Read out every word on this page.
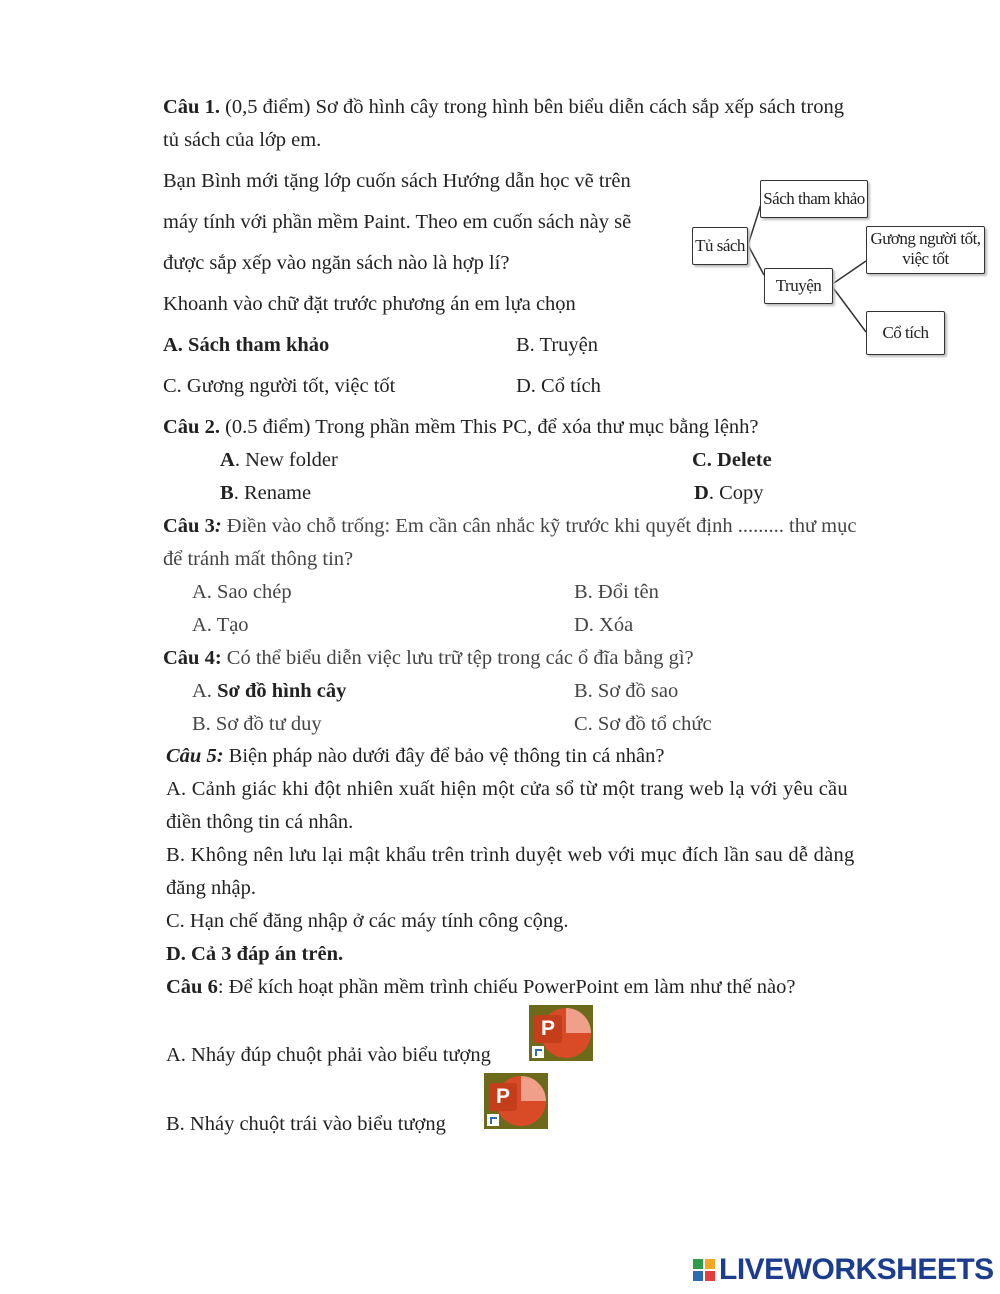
Câu 1. (0,5 điểm) Sơ đồ hình cây trong hình bên biểu diễn cách sắp xếp sách trong
tủ sách của lớp em.
Bạn Bình mới tặng lớp cuốn sách Hướng dẫn học vẽ trên
máy tính với phần mềm Paint. Theo em cuốn sách này sẽ
được sắp xếp vào ngăn sách nào là hợp lí?
Khoanh vào chữ đặt trước phương án em lựa chọn
A. Sách tham khảo	B. Truyện
C. Gương người tốt, việc tốt	D. Cổ tích
Tủ sách
Sách tham khảo
Truyện
Gương người tốt,
việc tốt
Cổ tích
Câu 2. (0.5 điểm) Trong phần mềm This PC, để xóa thư mục bằng lệnh?
A. New folder	C. Delete
B. Rename	D. Copy
Câu 3: Điền vào chỗ trống: Em cần cân nhắc kỹ trước khi quyết định ......... thư mục
để tránh mất thông tin?
A. Sao chép	B. Đổi tên
A. Tạo	D. Xóa
Câu 4: Có thể biểu diễn việc lưu trữ tệp trong các ổ đĩa bằng gì?
A. Sơ đồ hình cây	B. Sơ đồ sao
B. Sơ đồ tư duy	C. Sơ đồ tổ chức
Câu 5: Biện pháp nào dưới đây để bảo vệ thông tin cá nhân?
A. Cảnh giác khi đột nhiên xuất hiện một cửa sổ từ một trang web lạ với yêu cầu
điền thông tin cá nhân.
B. Không nên lưu lại mật khẩu trên trình duyệt web với mục đích lần sau dễ dàng
đăng nhập.
C. Hạn chế đăng nhập ở các máy tính công cộng.
D. Cả 3 đáp án trên.
Câu 6: Để kích hoạt phần mềm trình chiếu PowerPoint em làm như thế nào?
A. Nháy đúp chuột phải vào biểu tượng
P
B. Nháy chuột trái vào biểu tượng
P
LIVEWORKSHEETS
